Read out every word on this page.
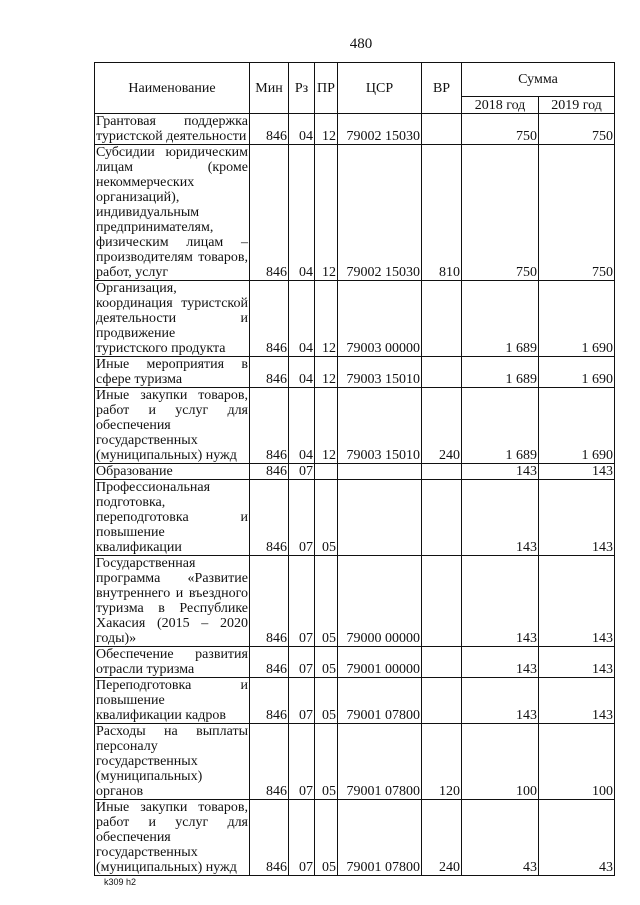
480
Наименование	Мин	Рз	ПР	ЦСР	ВР	Сумма	
						2018 год	2019 год
Грантовая поддержка туристской деятельности	846	04	12	79002 15030		750	750
Субсидии юридическим лицам (кроме некоммерческих организаций), индивидуальным предпринимателям, физическим лицам – производителям товаров, работ, услуг	846	04	12	79002 15030	810	750	750
Организация, координация туристской деятельности и продвижение туристского продукта	846	04	12	79003 00000		1 689	1 690
Иные мероприятия в сфере туризма	846	04	12	79003 15010		1 689	1 690
Иные закупки товаров, работ и услуг для обеспечения государственных (муниципальных) нужд	846	04	12	79003 15010	240	1 689	1 690
Образование	846	07				143	143
Профессиональная подготовка, переподготовка и повышение квалификации	846	07	05			143	143
Государственная программа «Развитие внутреннего и въездного туризма в Республике Хакасия (2015 – 2020 годы)»	846	07	05	79000 00000		143	143
Обеспечение развития отрасли туризма	846	07	05	79001 00000		143	143
Переподготовка и повышение квалификации кадров	846	07	05	79001 07800		143	143
Расходы на выплаты персоналу государственных (муниципальных) органов	846	07	05	79001 07800	120	100	100
Иные закупки товаров, работ и услуг для обеспечения государственных (муниципальных) нужд	846	07	05	79001 07800	240	43	43
k309 h2
